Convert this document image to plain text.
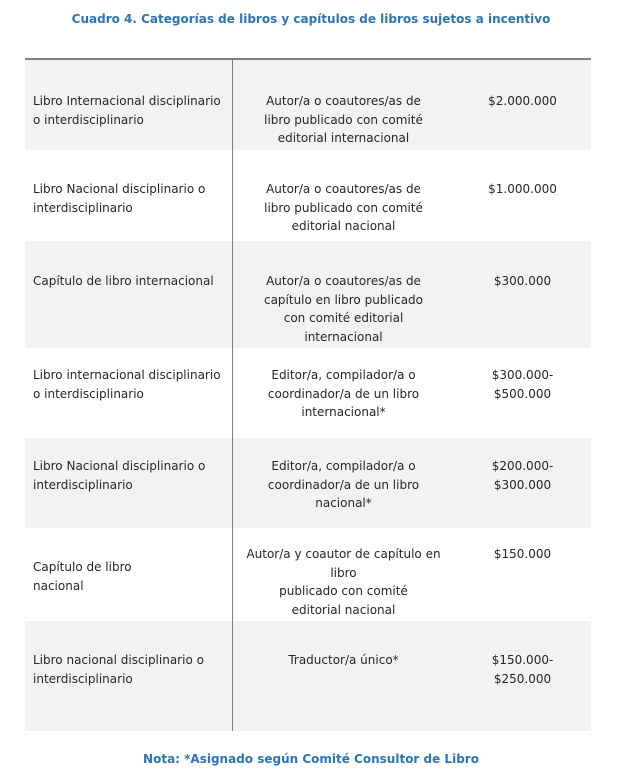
Cuadro 4. Categorías de libros y capítulos de libros sujetos a incentivo
Libro Internacional disciplinario
o interdisciplinario
Autor/a o coautores/as de
libro publicado con comité
editorial internacional
$2.000.000
Libro Nacional disciplinario o
interdisciplinario
Autor/a o coautores/as de
libro publicado con comité
editorial nacional
$1.000.000
Capítulo de libro internacional	Autor/a o coautores/as de
capítulo en libro publicado
con comité editorial
internacional
$300.000
Libro internacional disciplinario
o interdisciplinario
Editor/a, compilador/a o
coordinador/a de un libro
internacional*
$300.000-
$500.000
Libro Nacional disciplinario o
interdisciplinario
Editor/a, compilador/a o
coordinador/a de un libro
nacional*
$200.000-
$300.000
Capítulo de libro
nacional
Autor/a y coautor de capítulo en
libro
publicado con comité
editorial nacional
$150.000
Libro nacional disciplinario o
interdisciplinario
Traductor/a único*	$150.000-
$250.000
Nota: *Asignado según Comité Consultor de Libro
